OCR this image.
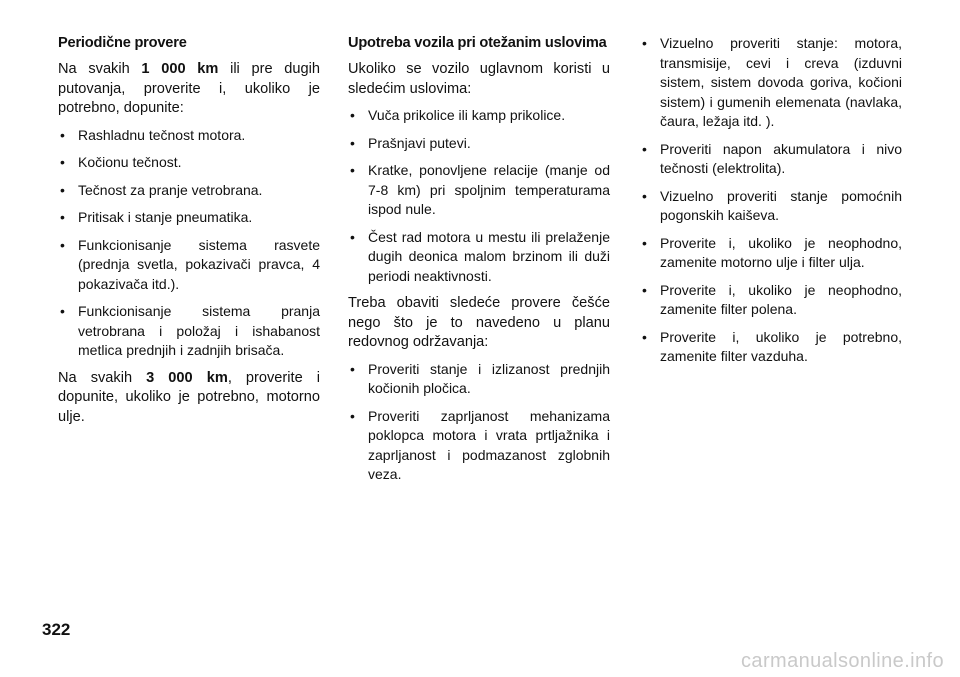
Periodične provere

Na svakih 1 000 km ili pre dugih putovanja, proverite i, ukoliko je potrebno, dopunite:

• Rashladnu tečnost motora.
• Kočionu tečnost.
• Tečnost za pranje vetrobrana.
• Pritisak i stanje pneumatika.
• Funkcionisanje sistema rasvete (prednja svetla, pokazivači pravca, 4 pokazivača itd.).
• Funkcionisanje sistema pranja vetrobrana i položaj i ishabanost metlica prednjih i zadnjih brisača.

Na svakih 3 000 km, proverite i dopunite, ukoliko je potrebno, motorno ulje.

Upotreba vozila pri otežanim uslovima

Ukoliko se vozilo uglavnom koristi u sledećim uslovima:

• Vuča prikolice ili kamp prikolice.
• Prašnjavi putevi.
• Kratke, ponovljene relacije (manje od 7-8 km) pri spoljnim temperaturama ispod nule.
• Čest rad motora u mestu ili prelaženje dugih deonica malom brzinom ili duži periodi neaktivnosti.

Treba obaviti sledeće provere češće nego što je to navedeno u planu redovnog održavanja:

• Proveriti stanje i izlizanost prednjih kočionih pločica.
• Proveriti zaprljanost mehanizama poklopca motora i vrata prtljažnika i zaprljanost i podmazanost zglobnih veza.
• Vizuelno proveriti stanje: motora, transmisije, cevi i creva (izduvni sistem, sistem dovoda goriva, kočioni sistem) i gumenih elemenata (navlaka, čaura, ležaja itd. ).
• Proveriti napon akumulatora i nivo tečnosti (elektrolita).
• Vizuelno proveriti stanje pomoćnih pogonskih kaiševa.
• Proverite i, ukoliko je neophodno, zamenite motorno ulje i filter ulja.
• Proverite i, ukoliko je neophodno, zamenite filter polena.
• Proverite i, ukoliko je potrebno, zamenite filter vazduha.
322
carmanualsonline.info
